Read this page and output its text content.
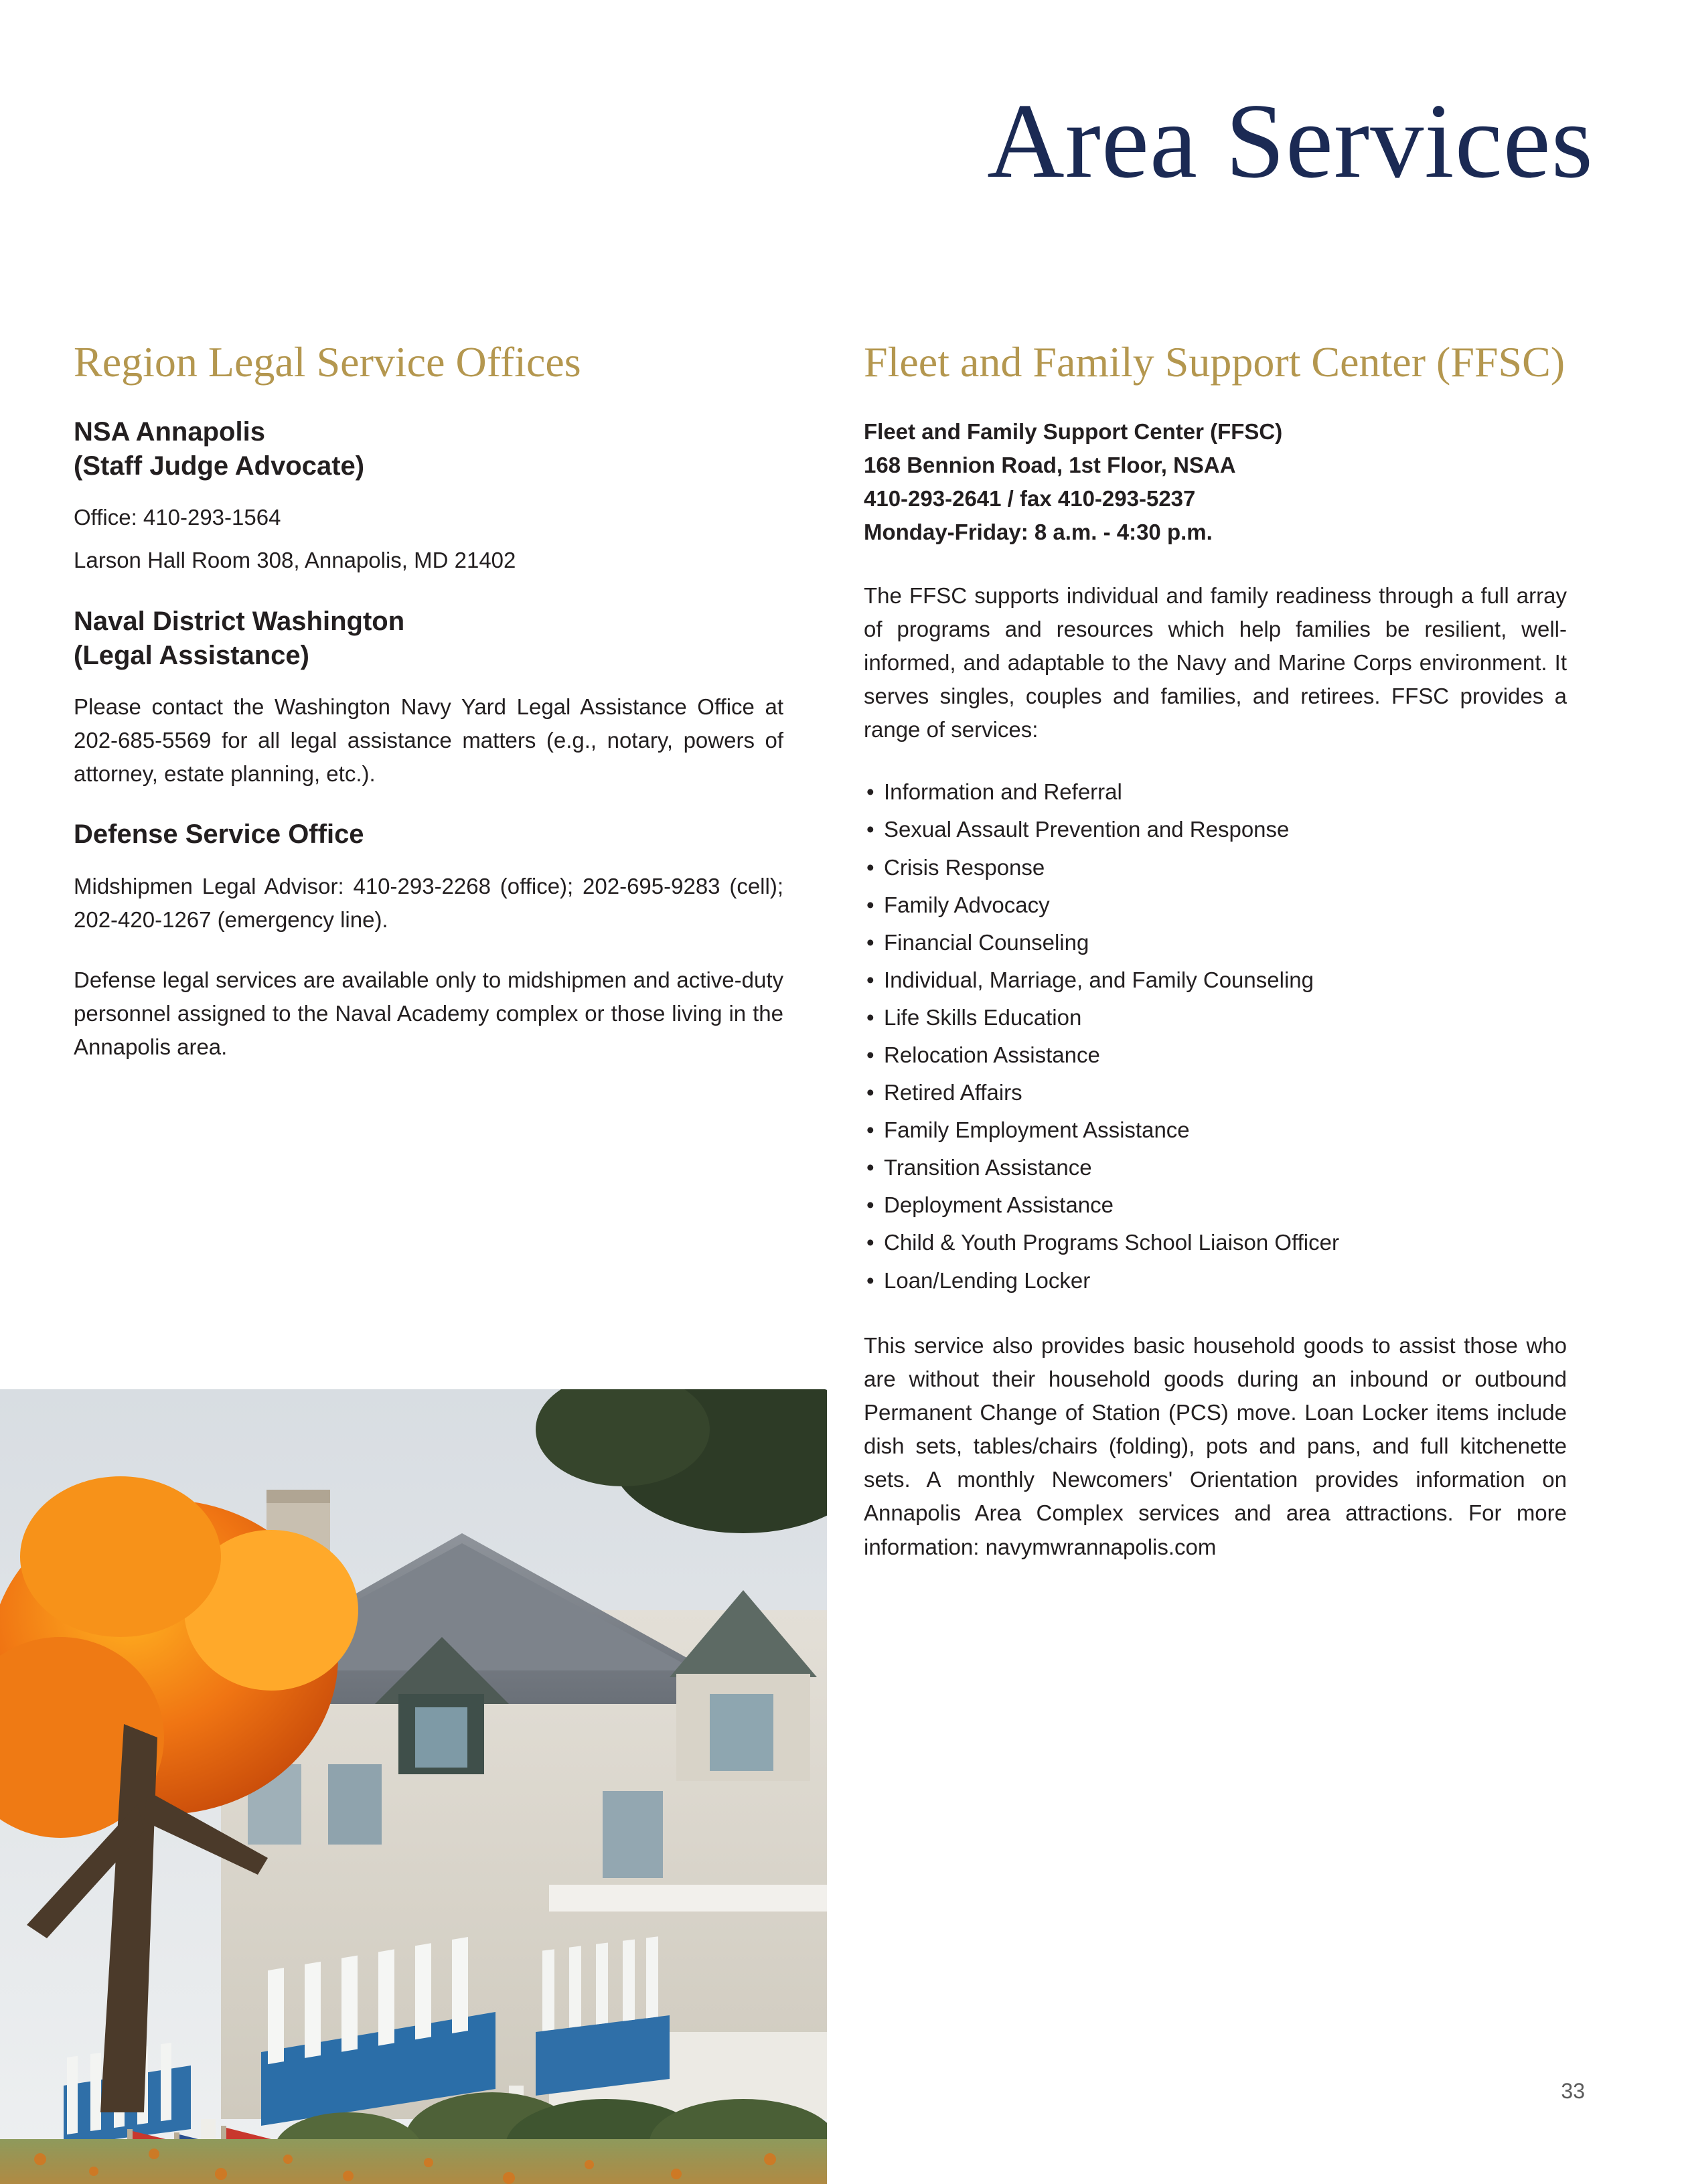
Area Services
Region Legal Service Offices
NSA Annapolis
(Staff Judge Advocate)

Office: 410-293-1564

Larson Hall Room 308, Annapolis, MD 21402

Naval District Washington
(Legal Assistance)

Please contact the Washington Navy Yard Legal Assistance Office at 202-685-5569 for all legal assistance matters (e.g., notary, powers of attorney, estate planning, etc.).

Defense Service Office

Midshipmen Legal Advisor: 410-293-2268 (office); 202-695-9283 (cell); 202-420-1267 (emergency line).

Defense legal services are available only to midshipmen and active-duty personnel assigned to the Naval Academy complex or those living in the Annapolis area.

Fleet and Family Support Center (FFSC)
Fleet and Family Support Center (FFSC)
168 Bennion Road, 1st Floor, NSAA
410-293-2641 / fax 410-293-5237
Monday-Friday: 8 a.m. - 4:30 p.m.

The FFSC supports individual and family readiness through a full array of programs and resources which help families be resilient, well-informed, and adaptable to the Navy and Marine Corps environment. It serves singles, couples and families, and retirees. FFSC provides a range of services:

• Information and Referral
• Sexual Assault Prevention and Response
• Crisis Response
• Family Advocacy
• Financial Counseling
• Individual, Marriage, and Family Counseling
• Life Skills Education
• Relocation Assistance
• Retired Affairs
• Family Employment Assistance
• Transition Assistance
• Deployment Assistance
• Child & Youth Programs School Liaison Officer
• Loan/Lending Locker

This service also provides basic household goods to assist those who are without their household goods during an inbound or outbound Permanent Change of Station (PCS) move. Loan Locker items include dish sets, tables/chairs (folding), pots and pans, and full kitchenette sets. A monthly Newcomers' Orientation provides information on Annapolis Area Complex services and area attractions. For more information: navymwrannapolis.com

33
